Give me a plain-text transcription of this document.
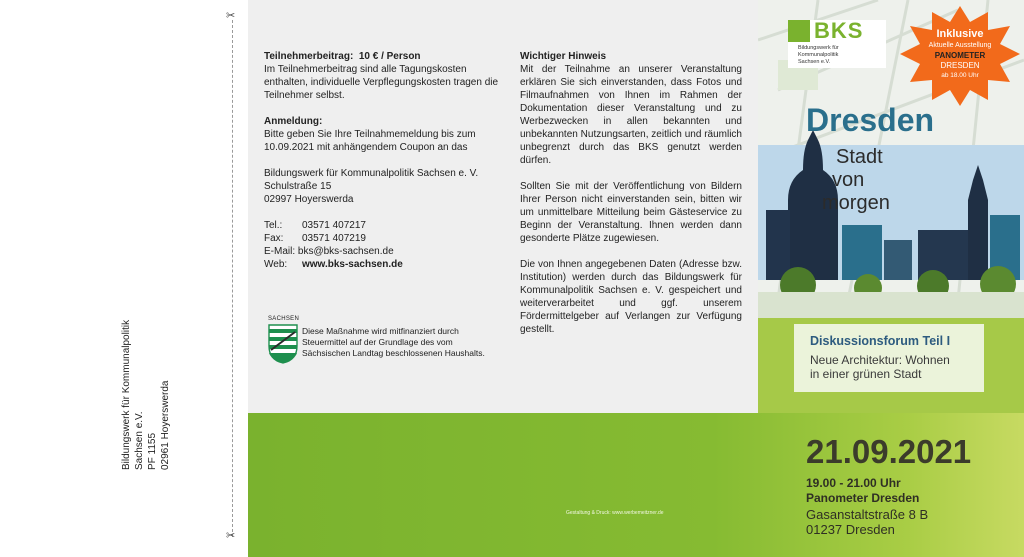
✂
✂
Bildungswerk für Kommunalpolitik Sachsen e.V. PF 1155 02961 Hoyerswerda

Teilnehmerbeitrag: 10 € / Person

Im Teilnehmerbeitrag sind alle Tagungskosten enthalten, individuelle Verpflegungskosten tragen die Teilnehmer selbst.

Anmeldung:

Bitte geben Sie Ihre Teilnahmemeldung bis zum 10.09.2021 mit anhängendem Coupon an das

Bildungswerk für Kommunalpolitik Sachsen e. V.

Schulstraße 15

02997 Hoyerswerda

Tel.:	03571 407217
Fax:	03571 407219

E-Mail: bks@bks-sachsen.de

Web:	www.bks-sachsen.de
SACHSEN
Diese Maßnahme wird mitfinanziert durch Steuermittel auf der Grundlage des vom Sächsischen Landtag beschlossenen Haushalts.

Wichtiger Hinweis

Mit der Teilnahme an unserer Veranstaltung erklären Sie sich einverstanden, dass Fotos und Filmaufnahmen von Ihnen im Rahmen der Dokumentation dieser Veranstaltung und zu Werbezwecken in allen bekannten und unbekannten Nutzungsarten, zeitlich und räumlich unbegrenzt durch das BKS genutzt werden dürfen.

Sollten Sie mit der Veröffentlichung von Bildern Ihrer Person nicht einverstanden sein, bitten wir um unmittelbare Mitteilung beim Gästeservice zu Beginn der Veranstaltung. Ihnen werden dann gesonderte Plätze zugewiesen.

Die von Ihnen angegebenen Daten (Adresse bzw. Institution) werden durch das Bildungswerk für Kommunalpolitik Sachsen e. V. gespeichert und weiterverarbeitet und ggf. unserem Fördermittelgeber auf Verlangen zur Verfügung gestellt.

Gestaltung & Druck: www.werbemeitzner.de
BKS
Bildungswerk für
Kommunalpolitik
Sachsen e.V.
Inklusive
Aktuelle Ausstellung
PANOMETER
DRESDEN
ab 18.00 Uhr
Dresden
Stadt
von
morgen
Diskussionsforum Teil I
Neue Architektur: Wohnen
in einer grünen Stadt
21.09.2021
19.00 - 21.00 Uhr
Panometer Dresden
Gasanstaltstraße 8 B
01237 Dresden
